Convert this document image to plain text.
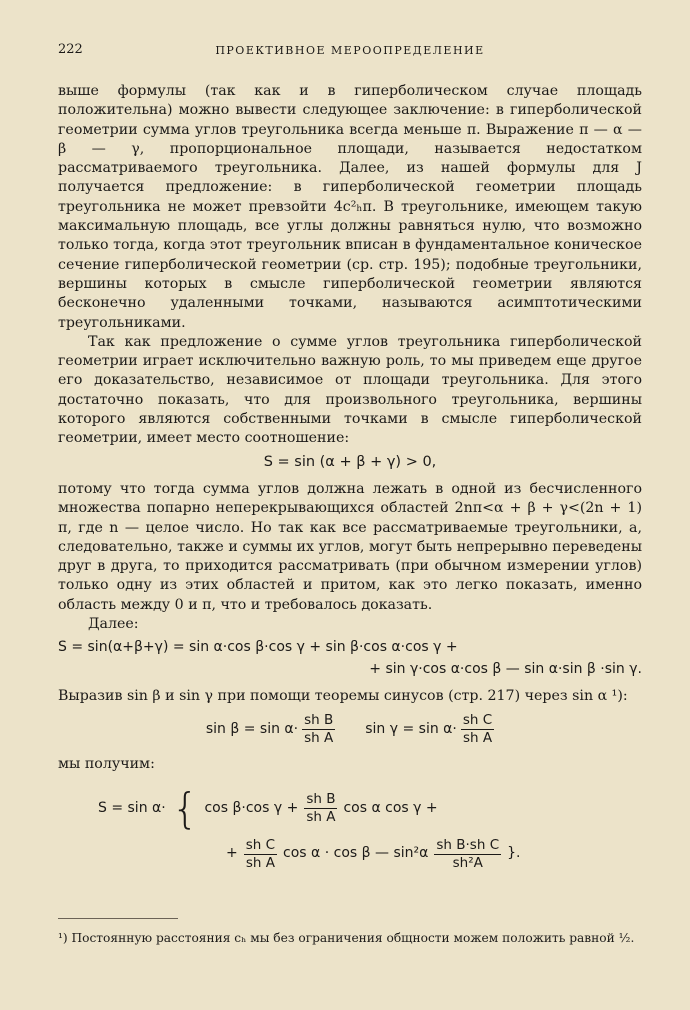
222	ПРОЕКТИВНОЕ МЕРООПРЕДЕЛЕНИЕ

выше формулы (так как и в гиперболическом случае площадь положительна) можно вывести следующее заключение: в гиперболической геометрии сумма углов треугольника всегда меньше π. Выражение π — α — β — γ, пропорциональное площади, называется недостатком рассматриваемого треугольника. Далее, из нашей формулы для J получается предложение: в гиперболической геометрии площадь треугольника не может превзойти 4c²ₕπ. В треугольнике, имеющем такую максимальную площадь, все углы должны равняться нулю, что возможно только тогда, когда этот треугольник вписан в фундаментальное коническое сечение гиперболической геометрии (ср. стр. 195); подобные треугольники, вершины которых в смысле гиперболической геометрии являются бесконечно удаленными точками, называются асимптотическими треугольниками.

Так как предложение о сумме углов треугольника гиперболической геометрии играет исключительно важную роль, то мы приведем еще другое его доказательство, независимое от площади треугольника. Для этого достаточно показать, что для произвольного треугольника, вершины которого являются собственными точками в смысле гиперболической геометрии, имеет место соотношение:

S = sin (α + β + γ) > 0,

потому что тогда сумма углов должна лежать в одной из бесчисленного множества попарно неперекрывающихся областей 2nπ<α + β + γ<(2n + 1) π, где n — целое число. Но так как все рассматриваемые треугольники, а, следовательно, также и суммы их углов, могут быть непрерывно переведены друг в друга, то приходится рассматривать (при обычном измерении углов) только одну из этих областей и притом, как это легко показать, именно область между 0 и π, что и требовалось доказать.

Далее:

S = sin(α+β+γ) = sin α·cos β·cos γ + sin β·cos α·cos γ +
+ sin γ·cos α·cos β — sin α·sin β ·sin γ.

Выразив sin β и sin γ при помощи теоремы синусов (стр. 217) через sin α ¹):

$\sin \beta = \sin \alpha\cdot \frac{\text{sh B}}{\text{sh A}}$ $\sin \gamma = \sin \alpha\cdot \frac{\text{sh C}}{\text{sh A}}$

мы получим:

S = sin α· { cos β·cos $\gamma + \frac{\text{sh B}}{\text{sh A}}$ cos α cos γ +
+ $\frac{\text{sh C}}{\text{sh A}}$ cos α · cos β — $\sin^2\alpha \frac{\text{sh B·sh C}}{\text{sh²A}}$ }.
¹) Постоянную расстояния cₕ мы без ограничения общности можем положить равной ½.
